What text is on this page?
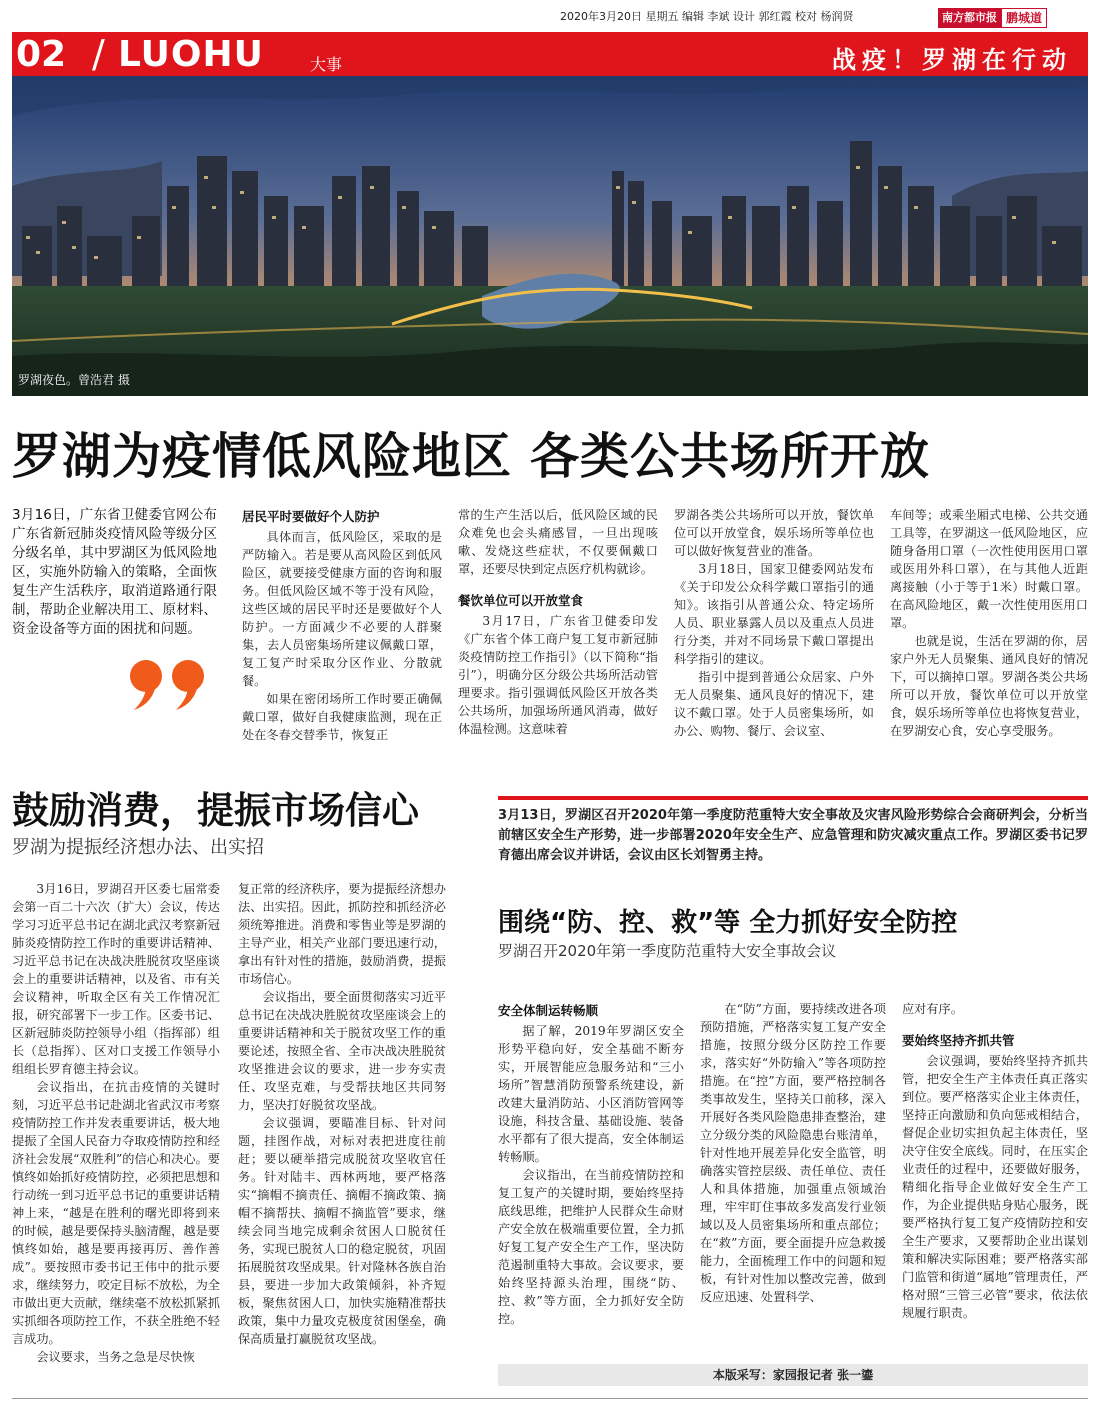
2020年3月20日 星期五 编辑 李斌 设计 郭红霞 校对 杨润贤	南方都市报 鹏城道
02 / LUOHU	大事	战疫！罗湖在行动
罗湖夜色。曾浩君 摄
罗湖为疫情低风险地区 各类公共场所开放
3月16日，广东省卫健委官网公布广东省新冠肺炎疫情风险等级分区分级名单，其中罗湖区为低风险地区，实施外防输入的策略，全面恢复生产生活秩序，取消道路通行限制，帮助企业解决用工、原材料、资金设备等方面的困扰和问题。
居民平时要做好个人防护

具体而言，低风险区，采取的是严防输入。若是要从高风险区到低风险区，就要接受健康方面的咨询和服务。但低风险区域不等于没有风险，这些区域的居民平时还是要做好个人防护。一方面减少不必要的人群聚集，去人员密集场所建议佩戴口罩，复工复产时采取分区作业、分散就餐。

如果在密闭场所工作时要正确佩戴口罩，做好自我健康监测，现在正处在冬春交替季节，恢复正

常的生产生活以后，低风险区域的民众难免也会头痛感冒，一旦出现咳嗽、发烧这些症状，不仅要佩戴口罩，还要尽快到定点医疗机构就诊。

餐饮单位可以开放堂食

3月17日，广东省卫健委印发《广东省个体工商户复工复市新冠肺炎疫情防控工作指引》（以下简称“指引”），明确分区分级公共场所活动管理要求。指引强调低风险区开放各类公共场所，加强场所通风消毒，做好体温检测。这意味着

罗湖各类公共场所可以开放，餐饮单位可以开放堂食，娱乐场所等单位也可以做好恢复营业的准备。

3月18日，国家卫健委网站发布《关于印发公众科学戴口罩指引的通知》。该指引从普通公众、特定场所人员、职业暴露人员以及重点人员进行分类，并对不同场景下戴口罩提出科学指引的建议。

指引中提到普通公众居家、户外无人员聚集、通风良好的情况下，建议不戴口罩。处于人员密集场所，如办公、购物、餐厅、会议室、

车间等；或乘坐厢式电梯、公共交通工具等，在罗湖这一低风险地区，应随身备用口罩（一次性使用医用口罩或医用外科口罩），在与其他人近距离接触（小于等于1米）时戴口罩。在高风险地区，戴一次性使用医用口罩。

也就是说，生活在罗湖的你，居家户外无人员聚集、通风良好的情况下，可以摘掉口罩。罗湖各类公共场所可以开放，餐饮单位可以开放堂食，娱乐场所等单位也将恢复营业，在罗湖安心食，安心享受服务。

鼓励消费，提振市场信心
罗湖为提振经济想办法、出实招

3月16日，罗湖召开区委七届常委会第一百二十六次（扩大）会议，传达学习习近平总书记在湖北武汉考察新冠肺炎疫情防控工作时的重要讲话精神、习近平总书记在决战决胜脱贫攻坚座谈会上的重要讲话精神，以及省、市有关会议精神，听取全区有关工作情况汇报，研究部署下一步工作。区委书记、区新冠肺炎防控领导小组（指挥部）组长（总指挥）、区对口支援工作领导小组组长罗育德主持会议。

会议指出，在抗击疫情的关键时刻，习近平总书记赴湖北省武汉市考察疫情防控工作并发表重要讲话，极大地提振了全国人民奋力夺取疫情防控和经济社会发展“双胜利”的信心和决心。要慎终如始抓好疫情防控，必须把思想和行动统一到习近平总书记的重要讲话精神上来，“越是在胜利的曙光即将到来的时候，越是要保持头脑清醒，越是要慎终如始，越是要再接再厉、善作善成”。要按照市委书记王伟中的批示要求，继续努力，咬定目标不放松，为全市做出更大贡献，继续毫不放松抓紧抓实抓细各项防控工作，不获全胜绝不轻言成功。

会议要求，当务之急是尽快恢

复正常的经济秩序，要为提振经济想办法、出实招。因此，抓防控和抓经济必须统筹推进。消费和零售业等是罗湖的主导产业，相关产业部门要迅速行动，拿出有针对性的措施，鼓励消费，提振市场信心。

会议指出，要全面贯彻落实习近平总书记在决战决胜脱贫攻坚座谈会上的重要讲话精神和关于脱贫攻坚工作的重要论述，按照全省、全市决战决胜脱贫攻坚推进会议的要求，进一步夯实责任、攻坚克难，与受帮扶地区共同努力，坚决打好脱贫攻坚战。

会议强调，要瞄准目标、针对问题，挂图作战，对标对表把进度往前赶；要以硬举措完成脱贫攻坚收官任务。针对陆丰、西林两地，要严格落实“摘帽不摘责任、摘帽不摘政策、摘帽不摘帮扶、摘帽不摘监管”要求，继续会同当地完成剩余贫困人口脱贫任务，实现已脱贫人口的稳定脱贫，巩固拓展脱贫攻坚成果。针对隆林各族自治县，要进一步加大政策倾斜，补齐短板，聚焦贫困人口，加快实施精准帮扶政策，集中力量攻克极度贫困堡垒，确保高质量打赢脱贫攻坚战。

3月13日，罗湖区召开2020年第一季度防范重特大安全事故及灾害风险形势综合会商研判会，分析当前辖区安全生产形势，进一步部署2020年安全生产、应急管理和防灾减灾重点工作。罗湖区委书记罗育德出席会议并讲话，会议由区长刘智勇主持。
围绕“防、控、救”等 全力抓好安全防控
罗湖召开2020年第一季度防范重特大安全事故会议
安全体制运转畅顺

据了解，2019年罗湖区安全形势平稳向好，安全基础不断夯实，开展智能应急服务站和“三小场所”智慧消防预警系统建设，新改建大量消防站、小区消防管网等设施，科技含量、基础设施、装备水平都有了很大提高，安全体制运转畅顺。

会议指出，在当前疫情防控和复工复产的关键时期，要始终坚持底线思维，把维护人民群众生命财产安全放在极端重要位置，全力抓好复工复产安全生产工作，坚决防范遏制重特大事故。会议要求，要始终坚持源头治理，围绕“防、控、救”等方面，全力抓好安全防控。

在“防”方面，要持续改进各项预防措施，严格落实复工复产安全措施，按照分级分区防控工作要求，落实好“外防输入”等各项防控措施。在“控”方面，要严格控制各类事故发生，坚持关口前移，深入开展好各类风险隐患排查整治，建立分级分类的风险隐患台账清单，针对性地开展差异化安全监管，明确落实管控层级、责任单位、责任人和具体措施，加强重点领域治理，牢牢盯住事故多发高发行业领域以及人员密集场所和重点部位；在“救”方面，要全面提升应急救援能力，全面梳理工作中的问题和短板，有针对性加以整改完善，做到反应迅速、处置科学、

应对有序。

要始终坚持齐抓共管

会议强调，要始终坚持齐抓共管，把安全生产主体责任真正落实到位。要严格落实企业主体责任，坚持正向激励和负向惩戒相结合，督促企业切实担负起主体责任，坚决守住安全底线。同时，在压实企业责任的过程中，还要做好服务，精细化指导企业做好安全生产工作，为企业提供贴身贴心服务，既要严格执行复工复产疫情防控和安全生产要求，又要帮助企业出谋划策和解决实际困难；要严格落实部门监管和街道“属地”管理责任，严格对照“三管三必管”要求，依法依规履行职责。

本版采写：家园报记者 张一鎏
